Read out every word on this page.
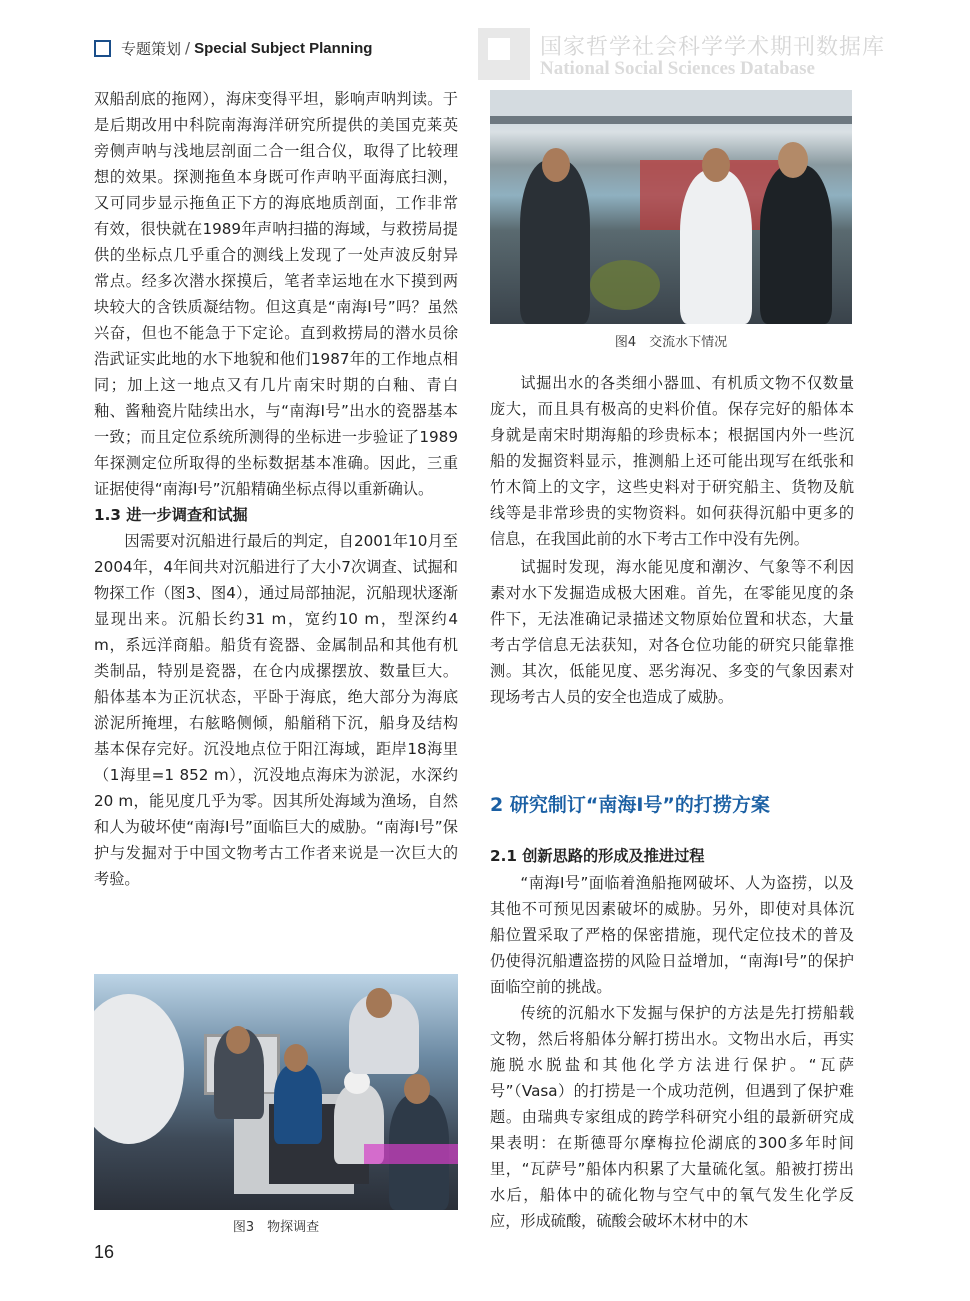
专题策划 / Special Subject Planning	国家哲学社会科学学术期刊数据库
National Social Sciences Database

双船刮底的拖网），海床变得平坦，影响声呐判读。于是后期改用中科院南海海洋研究所提供的美国克莱英旁侧声呐与浅地层剖面二合一组合仪，取得了比较理想的效果。探测拖鱼本身既可作声呐平面海底扫测，又可同步显示拖鱼正下方的海底地质剖面，工作非常有效，很快就在1989年声呐扫描的海域，与救捞局提供的坐标点几乎重合的测线上发现了一处声波反射异常点。经多次潜水探摸后，笔者幸运地在水下摸到两块较大的含铁质凝结物。但这真是“南海Ⅰ号”吗？虽然兴奋，但也不能急于下定论。直到救捞局的潜水员徐浩武证实此地的水下地貌和他们1987年的工作地点相同；加上这一地点又有几片南宋时期的白釉、青白釉、酱釉瓷片陆续出水，与“南海Ⅰ号”出水的瓷器基本一致；而且定位系统所测得的坐标进一步验证了1989年探测定位所取得的坐标数据基本准确。因此，三重证据使得“南海Ⅰ号”沉船精确坐标点得以重新确认。

1.3 进一步调查和试掘

因需要对沉船进行最后的判定，自2001年10月至2004年，4年间共对沉船进行了大小7次调查、试掘和物探工作（图3、图4），通过局部抽泥，沉船现状逐渐显现出来。沉船长约31 m，宽约10 m，型深约4 m，系远洋商船。船货有瓷器、金属制品和其他有机类制品，特别是瓷器，在仓内成摞摆放、数量巨大。船体基本为正沉状态，平卧于海底，绝大部分为海底淤泥所掩埋，右舷略侧倾，船艏稍下沉，船身及结构基本保存完好。沉没地点位于阳江海域，距岸18海里（1海里=1 852 m），沉没地点海床为淤泥，水深约20 m，能见度几乎为零。因其所处海域为渔场，自然和人为破坏使“南海Ⅰ号”面临巨大的威胁。“南海Ⅰ号”保护与发掘对于中国文物考古工作者来说是一次巨大的考验。

图4　交流水下情况

试掘出水的各类细小器皿、有机质文物不仅数量庞大，而且具有极高的史料价值。保存完好的船体本身就是南宋时期海船的珍贵标本；根据国内外一些沉船的发掘资料显示，推测船上还可能出现写在纸张和竹木简上的文字，这些史料对于研究船主、货物及航线等是非常珍贵的实物资料。如何获得沉船中更多的信息，在我国此前的水下考古工作中没有先例。

试掘时发现，海水能见度和潮汐、气象等不利因素对水下发掘造成极大困难。首先，在零能见度的条件下，无法准确记录描述文物原始位置和状态，大量考古学信息无法获知，对各仓位功能的研究只能靠推测。其次，低能见度、恶劣海况、多变的气象因素对现场考古人员的安全也造成了威胁。

2 研究制订“南海Ⅰ号”的打捞方案
2.1 创新思路的形成及推进过程

“南海Ⅰ号”面临着渔船拖网破坏、人为盗捞，以及其他不可预见因素破坏的威胁。另外，即使对具体沉船位置采取了严格的保密措施，现代定位技术的普及仍使得沉船遭盗捞的风险日益增加，“南海Ⅰ号”的保护面临空前的挑战。

传统的沉船水下发掘与保护的方法是先打捞船载文物，然后将船体分解打捞出水。文物出水后，再实施脱水脱盐和其他化学方法进行保护。“瓦萨号”（Vasa）的打捞是一个成功范例，但遇到了保护难题。由瑞典专家组成的跨学科研究小组的最新研究成果表明：在斯德哥尔摩梅拉伦湖底的300多年时间里，“瓦萨号”船体内积累了大量硫化氢。船被打捞出水后，船体中的硫化物与空气中的氧气发生化学反应，形成硫酸，硫酸会破坏木材中的木

图3　物探调查
16
